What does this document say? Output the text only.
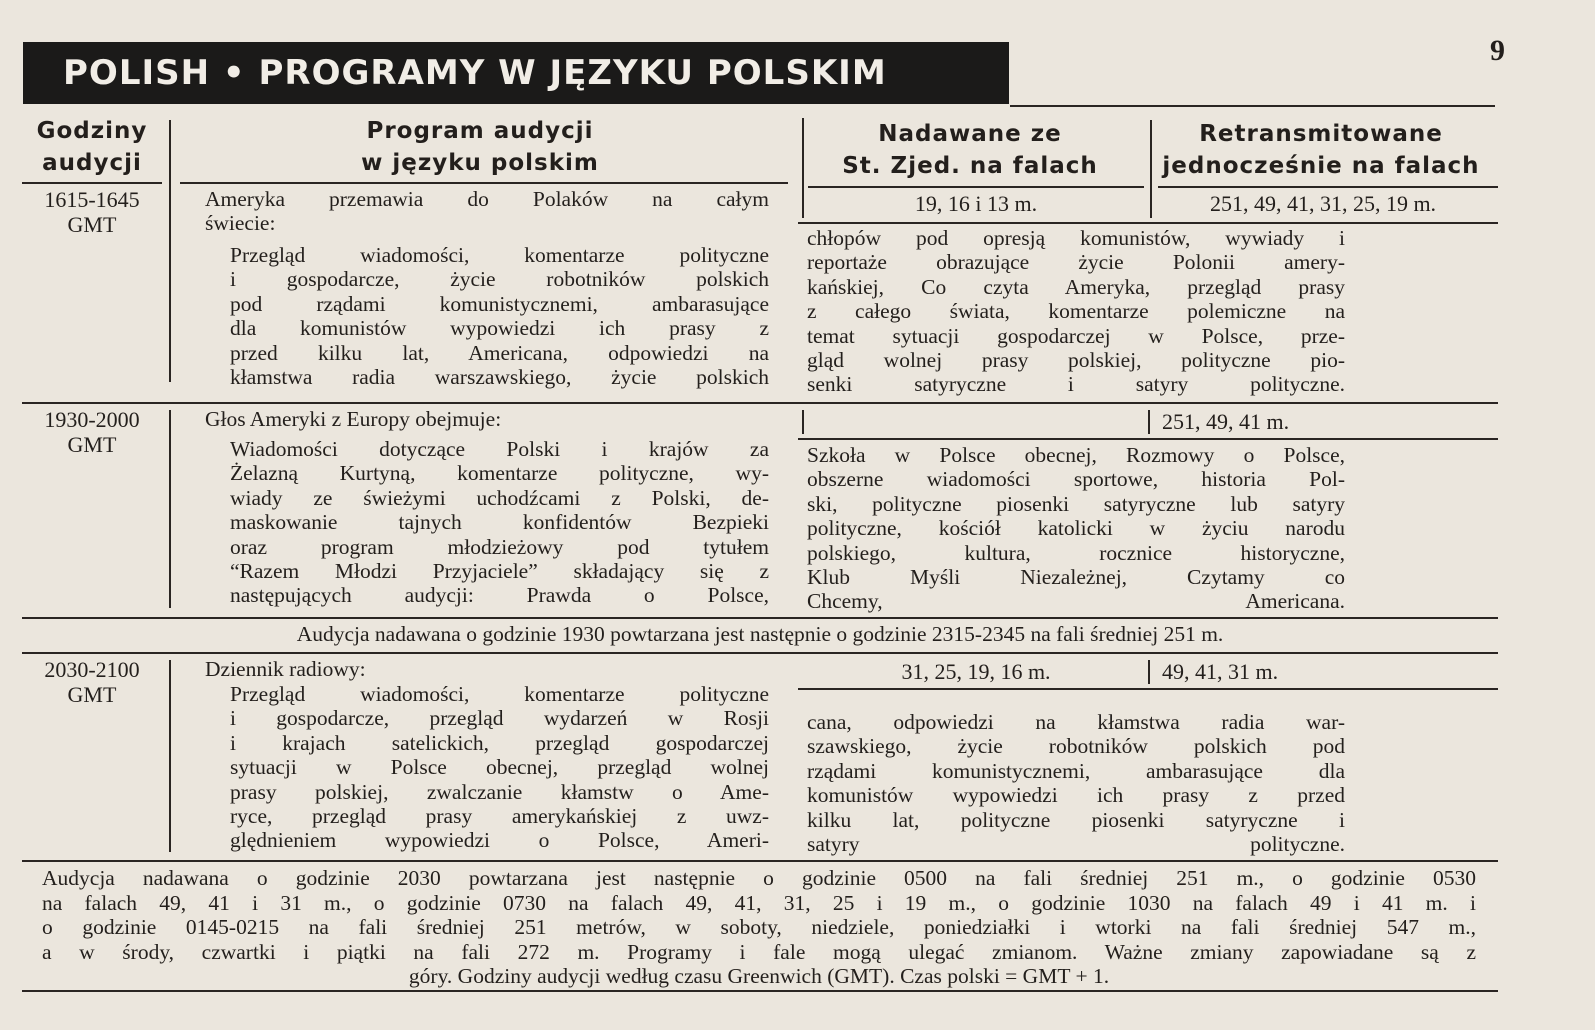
POLISH • PROGRAMY W JĘZYKU POLSKIM
9
Godziny
audycji
Program audycji
w języku polskim
Nadawane ze
St. Zjed. na falach
Retransmitowane
jednocześnie na falach
1615-1645
GMT
Ameryka przemawia do Polaków na całym
świecie:
Przegląd wiadomości, komentarze polityczne
i gospodarcze, życie robotników polskich
pod rządami komunistycznemi, ambarasujące
dla komunistów wypowiedzi ich prasy z
przed kilku lat, Americana, odpowiedzi na
kłamstwa radia warszawskiego, życie polskich
19, 16 i 13 m.	251, 49, 41, 31, 25, 19 m.
chłopów pod opresją komunistów, wywiady i
reportaże obrazujące życie Polonii amery-
kańskiej, Co czyta Ameryka, przegląd prasy
z całego świata, komentarze polemiczne na
temat sytuacji gospodarczej w Polsce, prze-
gląd wolnej prasy polskiej, polityczne pio-
senki satyryczne i satyry polityczne.
1930-2000
GMT
Głos Ameryki z Europy obejmuje:
Wiadomości dotyczące Polski i krajów za
Żelazną Kurtyną, komentarze polityczne, wy-
wiady ze świeżymi uchodźcami z Polski, de-
maskowanie tajnych konfidentów Bezpieki
oraz program młodzieżowy pod tytułem
“Razem Młodzi Przyjaciele” składający się z
następujących audycji: Prawda o Polsce,
251, 49, 41 m.
Szkoła w Polsce obecnej, Rozmowy o Polsce,
obszerne wiadomości sportowe, historia Pol-
ski, polityczne piosenki satyryczne lub satyry
polityczne, kościół katolicki w życiu narodu
polskiego, kultura, rocznice historyczne,
Klub Myśli Niezależnej, Czytamy co
Chcemy, Americana.
Audycja nadawana o godzinie 1930 powtarzana jest następnie o godzinie 2315-2345 na fali średniej 251 m.
2030-2100
GMT
Dziennik radiowy:
Przegląd wiadomości, komentarze polityczne
i gospodarcze, przegląd wydarzeń w Rosji
i krajach satelickich, przegląd gospodarczej
sytuacji w Polsce obecnej, przegląd wolnej
prasy polskiej, zwalczanie kłamstw o Ame-
ryce, przegląd prasy amerykańskiej z uwz-
ględnieniem wypowiedzi o Polsce, Ameri-
31, 25, 19, 16 m.	49, 41, 31 m.
cana, odpowiedzi na kłamstwa radia war-
szawskiego, życie robotników polskich pod
rządami komunistycznemi, ambarasujące dla
komunistów wypowiedzi ich prasy z przed
kilku lat, polityczne piosenki satyryczne i
satyry polityczne.
Audycja nadawana o godzinie 2030 powtarzana jest następnie o godzinie 0500 na fali średniej 251 m., o godzinie 0530
na falach 49, 41 i 31 m., o godzinie 0730 na falach 49, 41, 31, 25 i 19 m., o godzinie 1030 na falach 49 i 41 m. i
o godzinie 0145-0215 na fali średniej 251 metrów, w soboty, niedziele, poniedziałki i wtorki na fali średniej 547 m.,
a w środy, czwartki i piątki na fali 272 m. Programy i fale mogą ulegać zmianom. Ważne zmiany zapowiadane są z
góry. Godziny audycji według czasu Greenwich (GMT). Czas polski = GMT + 1.
